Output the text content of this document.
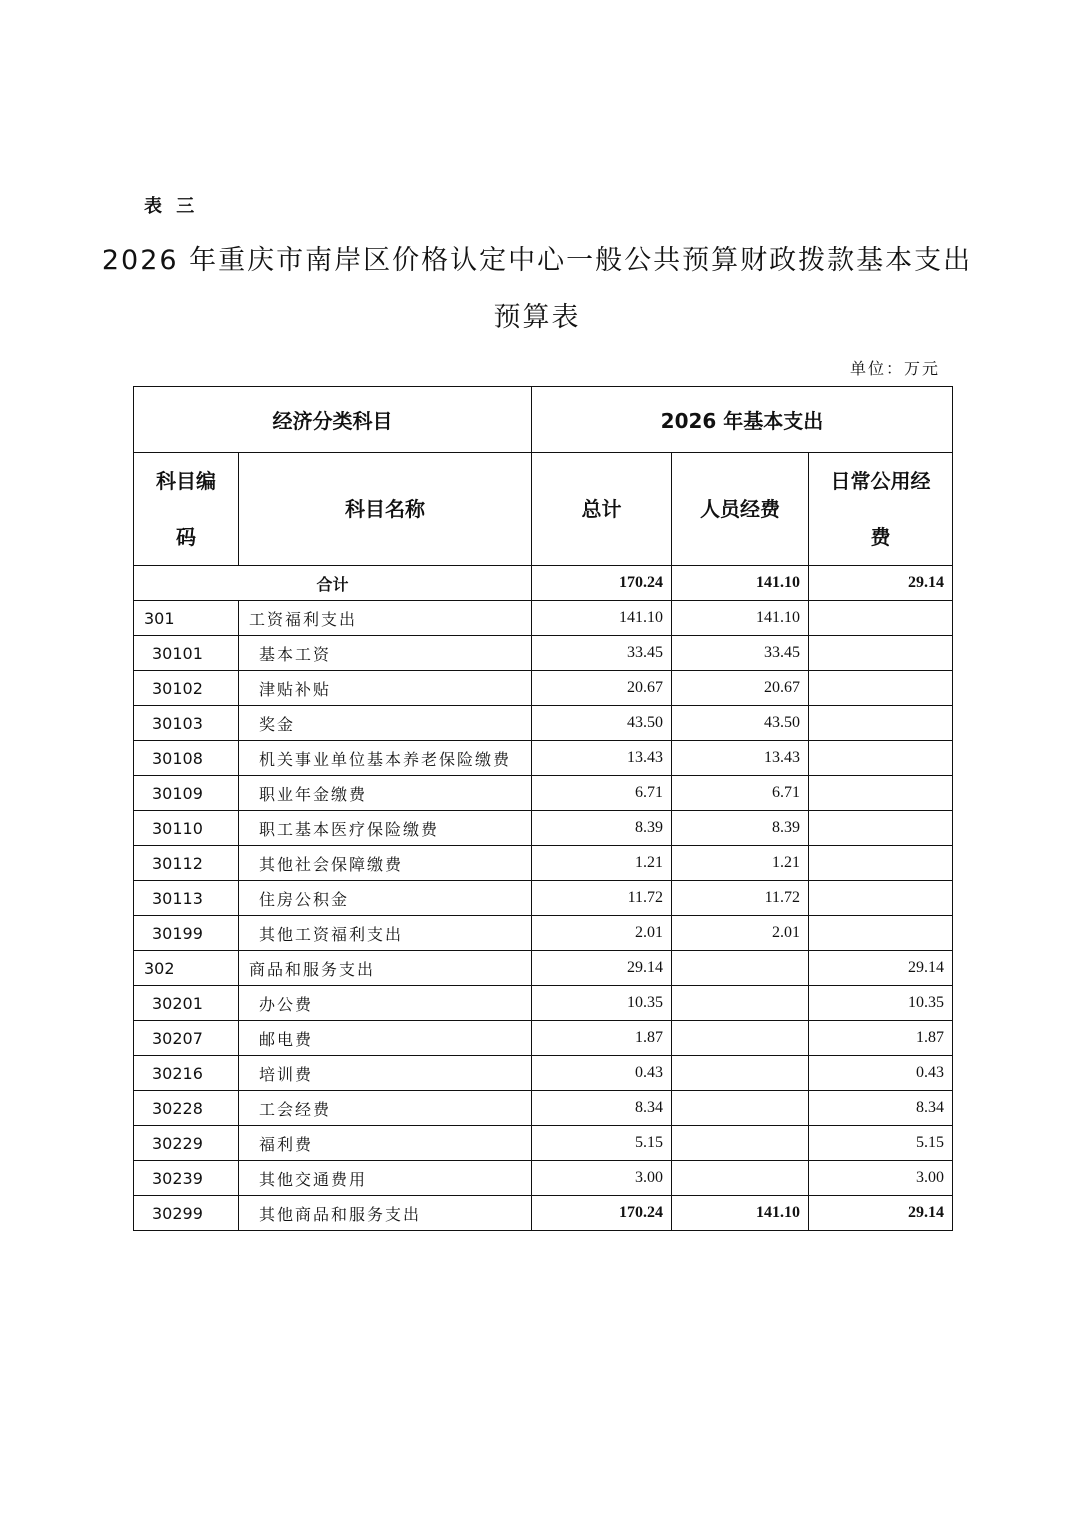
表 三
2026 年重庆市南岸区价格认定中心一般公共预算财政拨款基本支出
预算表
单位：万元
经济分类科目		2026 年基本支出		

科目编码	科目名称	总计	人员经费	日常公用经费

合计		170.24	141.10	29.14
301	工资福利支出	141.10	141.10	
30101	基本工资	33.45	33.45	
30102	津贴补贴	20.67	20.67	
30103	奖金	43.50	43.50	
30108	机关事业单位基本养老保险缴费	13.43	13.43	
30109	职业年金缴费	6.71	6.71	
30110	职工基本医疗保险缴费	8.39	8.39	
30112	其他社会保障缴费	1.21	1.21	
30113	住房公积金	11.72	11.72	
30199	其他工资福利支出	2.01	2.01	
302	商品和服务支出	29.14		29.14
30201	办公费	10.35		10.35
30207	邮电费	1.87		1.87
30216	培训费	0.43		0.43
30228	工会经费	8.34		8.34
30229	福利费	5.15		5.15
30239	其他交通费用	3.00		3.00
30299	其他商品和服务支出	170.24	141.10	29.14
